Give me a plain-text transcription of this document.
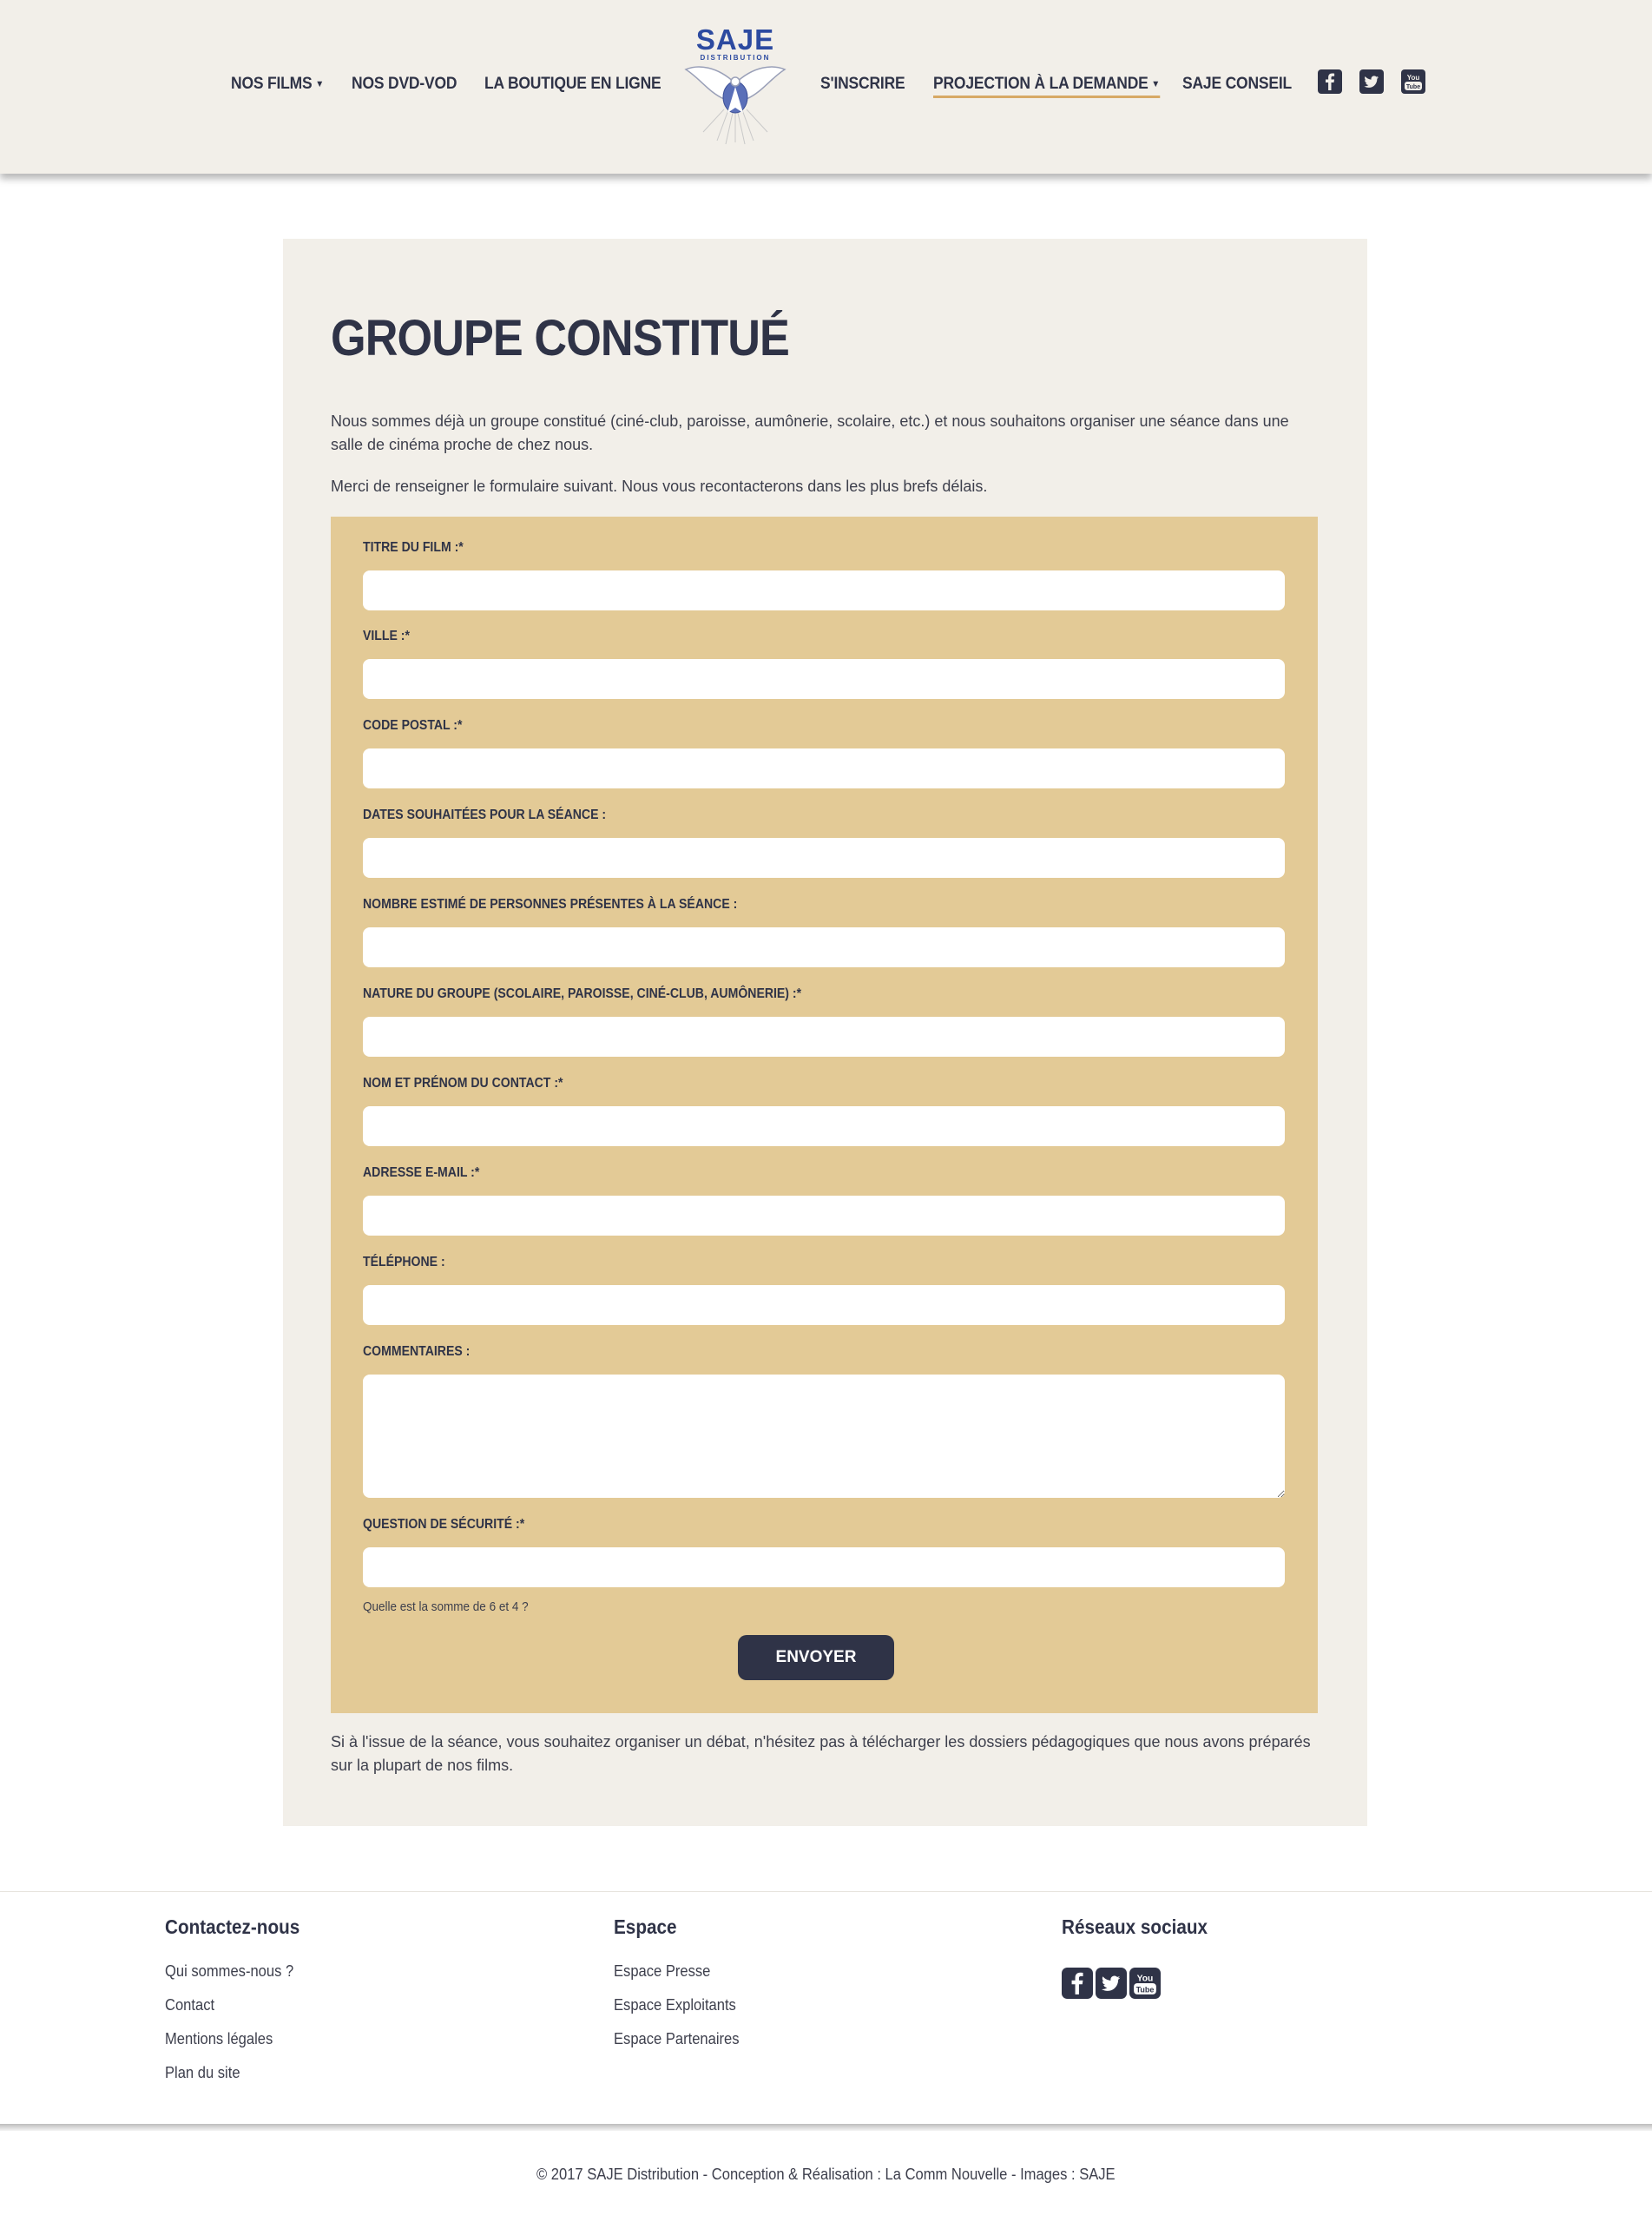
NOS FILMS ▼ NOS DVD-VOD LA BOUTIQUE EN LIGNE
SAJE
DISTRIBUTION
S'INSCRIRE PROJECTION À LA DEMANDE ▼ SAJE CONSEIL	You
Tube
GROUPE CONSTITUÉ

Nous sommes déjà un groupe constitué (ciné-club, paroisse, aumônerie, scolaire, etc.) et nous souhaitons organiser une séance dans une salle de cinéma proche de chez nous.

Merci de renseigner le formulaire suivant. Nous vous recontacterons dans les plus brefs délais.

TITRE DU FILM :*
VILLE :*
CODE POSTAL :*
DATES SOUHAITÉES POUR LA SÉANCE :
NOMBRE ESTIMÉ DE PERSONNES PRÉSENTES À LA SÉANCE :
NATURE DU GROUPE (SCOLAIRE, PAROISSE, CINÉ-CLUB, AUMÔNERIE) :*
NOM ET PRÉNOM DU CONTACT :*
ADRESSE E-MAIL :*
TÉLÉPHONE :
COMMENTAIRES :
QUESTION DE SÉCURITÉ :*
Quelle est la somme de 6 et 4 ?
ENVOYER

Si à l'issue de la séance, vous souhaitez organiser un débat, n'hésitez pas à télécharger les dossiers pédagogiques que nous avons préparés sur la plupart de nos films.

Contactez-nous
Qui sommes-nous ?
Contact
Mentions légales
Plan du site
Espace
Espace Presse
Espace Exploitants
Espace Partenaires
Réseaux sociaux
You
Tube
© 2017 SAJE Distribution - Conception & Réalisation : La Comm Nouvelle - Images : SAJE
